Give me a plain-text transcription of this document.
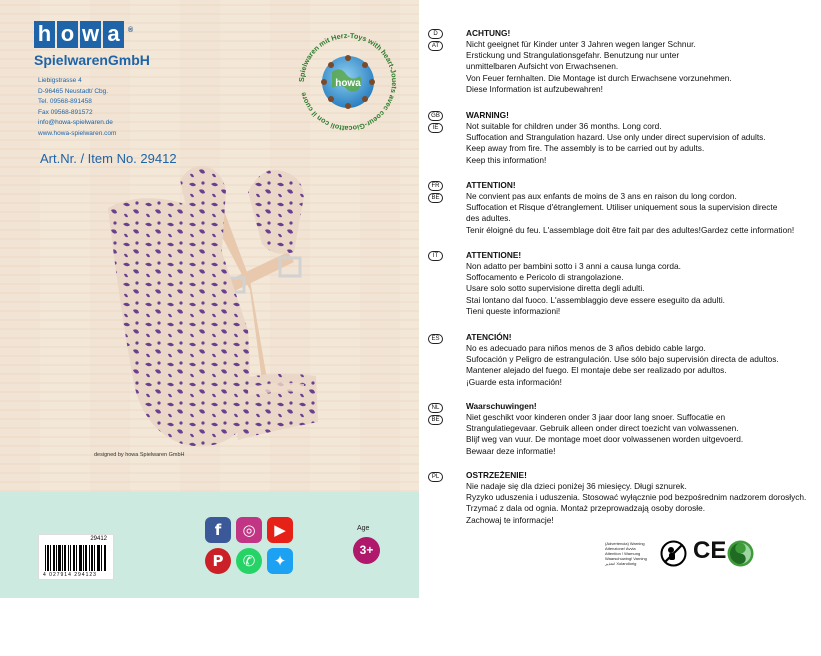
h o w a	®
SpielwarenGmbH
Liebigstrasse 4
D-96465 Neustadt/ Cbg.
Tel. 09568-891458
Fax 09568-891572
info@howa-spielwaren.de
www.howa-spielwaren.com
Art.Nr. / Item No. 29412
Spielwaren mit Herz-Toys with heart-Jouets avec coeur-Giocattoli con il cuore
howa
designed by howa Spielwaren GmbH
29412
4 027914 294123
f	◎	▶
P	✆	✦
Age
3+
D
AT
ACHTUNG!
Nicht geeignet für Kinder unter 3 Jahren wegen langer Schnur.
Erstickung und Strangulationsgefahr. Benutzung nur unter
unmittelbaren Aufsicht von Erwachsenen.
Von Feuer fernhalten. Die Montage ist durch Erwachsene vorzunehmen.
Diese Information ist aufzubewahren!
GB
IE
WARNING!
Not suitable for children under 36 months. Long cord.
Suffocation and Strangulation hazard. Use only under direct supervision of adults.
Keep away from fire. The assembly is to be carried out by adults.
Keep this information!
FR
BE
ATTENTION!
Ne convient pas aux enfants de moins de 3 ans en raison du long cordon.
Suffocation et Risque d'étranglement. Utiliser uniquement sous la supervision directe
des adultes.
Tenir éloigné du feu. L'assemblage doit être fait par des adultes!Gardez cette information!
IT	ATTENTIONE!
Non adatto per bambini sotto i 3 anni a causa lunga corda.
Soffocamento e Pericolo di strangolazione.
Usare solo sotto supervisione diretta degli adulti.
Stai lontano dal fuoco. L'assemblaggio deve essere eseguito da adulti.
Tieni queste informazioni!
ES	ATENCIÓN!
No es adecuado para niños menos de 3 años debido cable largo.
Sufocación y Peligro de estrangulación. Use sólo bajo supervisión directa de adultos.
Mantener alejado del fuego. El montaje debe ser realizado por adultos.
¡Guarde esta información!
NL
BE
Waarschuwingen!
Niet geschikt voor kinderen onder 3 jaar door lang snoer. Suffocatie en
Strangulatiegevaar. Gebruik alleen onder direct toezicht van volwassenen.
Blijf weg van vuur. De montage moet door volwassenen worden uitgevoerd.
Bewaar deze informatie!
PL	OSTRZEŻENIE!
Nie nadaje się dla dzieci poniżej 36 miesięcy. Długi sznurek.
Ryzyko uduszenia i uduszenia. Stosować wyłącznie pod bezpośrednim nadzorem dorosłych.
Trzymać z dala od ognia. Montaż przeprowadzają osoby dorosłe.
Zachowaj te informacje!
(Advertencia) Warning
Attenzione! Avvia
Attention ! Warnung
Waarschuwing! Varning
تحذير! Xolandiorig	CE
